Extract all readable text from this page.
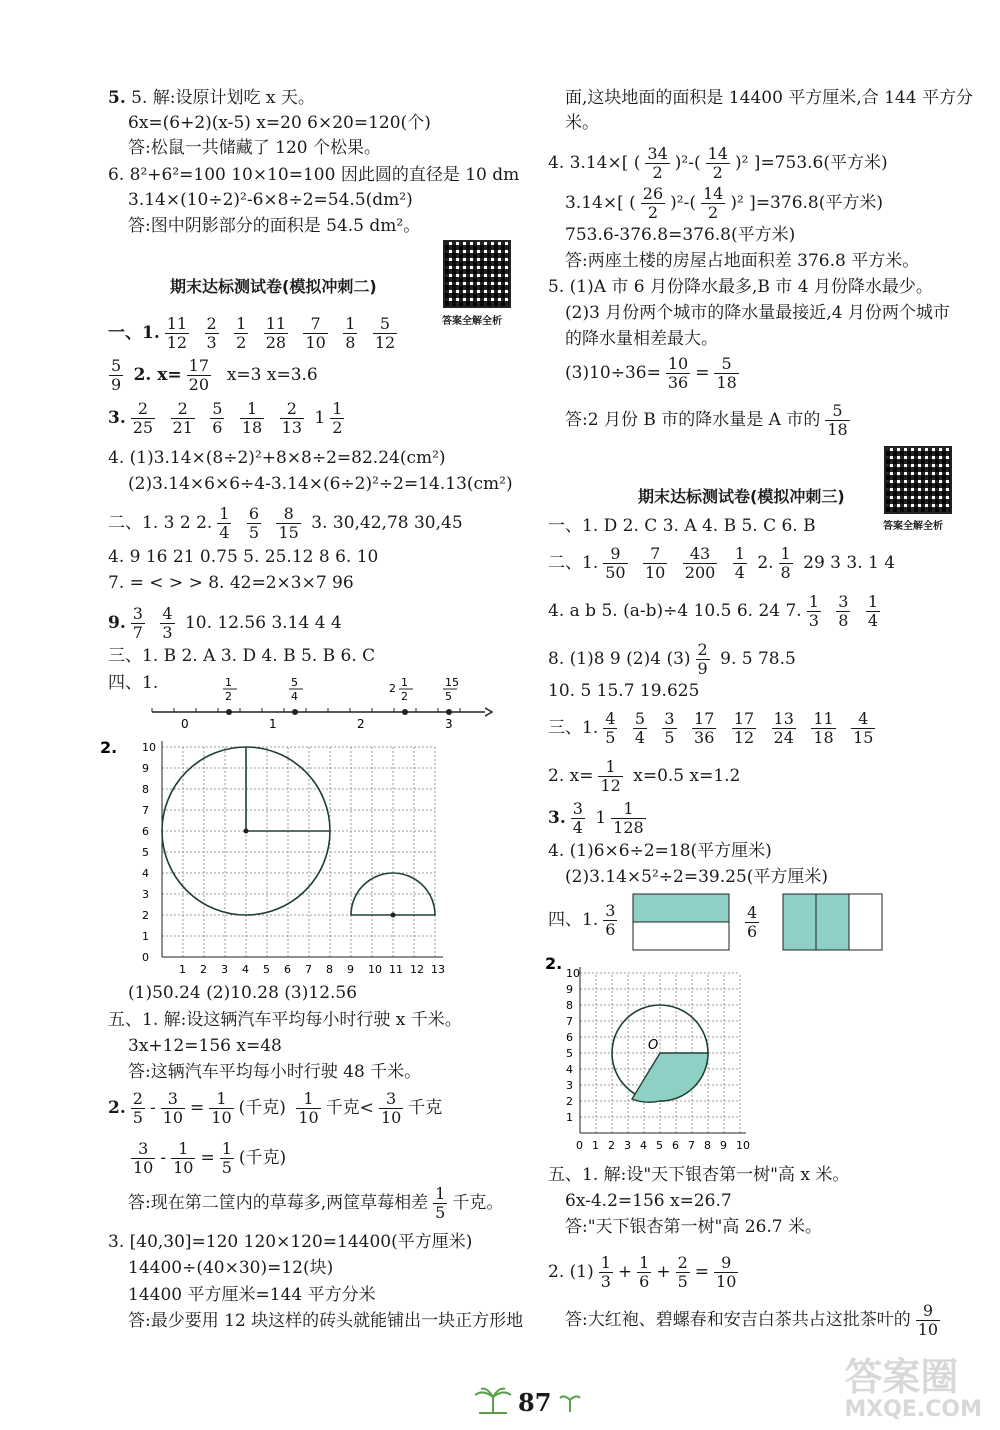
5. 5. 解:设原计划吃 x 天。
6x=(6+2)(x-5) x=20 6×20=120(个)
答:松鼠一共储藏了 120 个松果。
6. 8²+6²=100 10×10=100 因此圆的直径是 10 dm
3.14×(10÷2)²-6×8÷2=54.5(dm²)
答:图中阴影部分的面积是 54.5 dm²。
答案全解全析
期末达标测试卷(模拟冲刺二)
一、1. $\frac{11}{12}$
$\frac{2}{3}$
$\frac{1}{2}$
$\frac{11}{28}$
$\frac{7}{10}$
$\frac{1}{8}$
$\frac{5}{12}$
$\frac{5}{9} 2$. $x= \frac{17}{20} x=3$ x=3.6
3. $\frac{2}{25}$
$\frac{2}{21}$
$\frac{5}{6}$
$\frac{1}{18}$
$\frac{2}{13} 1 \frac{1}{2}$
4. (1)3.14×(8÷2)²+8×8÷2=82.24(cm²)
(2)3.14×6×6÷4-3.14×(6÷2)²÷2=14.13(cm²)
二、1. 3 2 2. $\frac{1}{4}$
$\frac{6}{5}$
$\frac{8}{15} 3$. 30,42,78 30,45
4. 9 16 21 0.75 5. 25.12 8 6. 10
7. = < > > 8. 42=2×3×7 96
9. $\frac{3}{7}$
$\frac{4}{3} 10$. 12.56 3.14 4 4
三、1. B 2. A 3. D 4. B 5. B 6. C
四、1.
0	1	2	3
1
2
5
4
2 1
2
15
5
2.
1 2 3 4 5 6 7 8 9 10 11 12 13
0
1
2
3
4
5
6
7
8
9
10
(1)50.24 (2)10.28 (3)12.56
五、1. 解:设这辆汽车平均每小时行驶 x 千米。
3x+12=156 x=48
答:这辆汽车平均每小时行驶 48 千米。
2. $\frac{2}{5} - \frac{3}{10} = \frac{1}{10}$ (千克) $\frac{1}{10}$ 千克< $\frac{3}{10}$ 千克
$\frac{3}{10} - \frac{1}{10} = \frac{1}{5}$ (千克)
答:现在第二筐内的草莓多,两筐草莓相差 $\frac{1}{5}$ 千克。
3. [40,30]=120 120×120=14400(平方厘米)
14400÷(40×30)=12(块)
14400 平方厘米=144 平方分米
答:最少要用 12 块这样的砖头就能铺出一块正方形地
面,这块地面的面积是 14400 平方厘米,合 144 平方分
米。
4. 3.14×[ ( $\frac{34}{2} )^2-( \frac{14}{2} )^2$ ]=753.6(平方米)
3.14×[ ( $\frac{26}{2} )^2-( \frac{14}{2} )^2$ ]=376.8(平方米)
753.6-376.8=376.8(平方米)
答:两座土楼的房屋占地面积差 376.8 平方米。
5. (1)A 市 6 月份降水最多,B 市 4 月份降水最少。
(2)3 月份两个城市的降水量最接近,4 月份两个城市
的降水量相差最大。
$(3)10\div 36= \frac{10}{36} = \frac{5}{18}$
答:2 月份 B 市的降水量是 A 市的 $\frac{5}{18}$
答案全解全析
期末达标测试卷(模拟冲刺三)
一、1. D 2. C 3. A 4. B 5. C 6. B
二、1. $\frac{9}{50}$
$\frac{7}{10}$
$\frac{43}{200}$
$\frac{1}{4} 2$. $\frac{1}{8} 29$ 3 3. 1 4
4. a b 5. (a-b)÷4 10.5 6. 24 7. $\frac{1}{3}$
$\frac{3}{8}$
$\frac{1}{4}$
8. (1)8 9 (2)4 $(3) \frac{2}{9} 9$. 5 78.5
10. 5 15.7 19.625
三、1. $\frac{4}{5}$
$\frac{5}{4}$
$\frac{3}{5}$
$\frac{17}{36}$
$\frac{17}{12}$
$\frac{13}{24}$
$\frac{11}{18}$
$\frac{4}{15}$
2. $x= \frac{1}{12} x=0.5$ x=1.2
3. $\frac{3}{4} 1 \frac{1}{128}$
4. (1)6×6÷2=18(平方厘米)
(2)3.14×5²÷2=39.25(平方厘米)
四、1. $\frac{3}{6}$	$\frac{4}{6}$
2.
0 1 2 3 4 5 6 7 8 9 10
1
2
3
4
5
6
7
8
9
10
O
五、1. 解:设"天下银杏第一树"高 x 米。
6x-4.2=156 x=26.7
答:"天下银杏第一树"高 26.7 米。
2. $(1) \frac{1}{3} + \frac{1}{6} + \frac{2}{5} = \frac{9}{10}$
答:大红袍、碧螺春和安吉白茶共占这批茶叶的 $\frac{9}{10}$
87
答案圈
MXQE.COM
